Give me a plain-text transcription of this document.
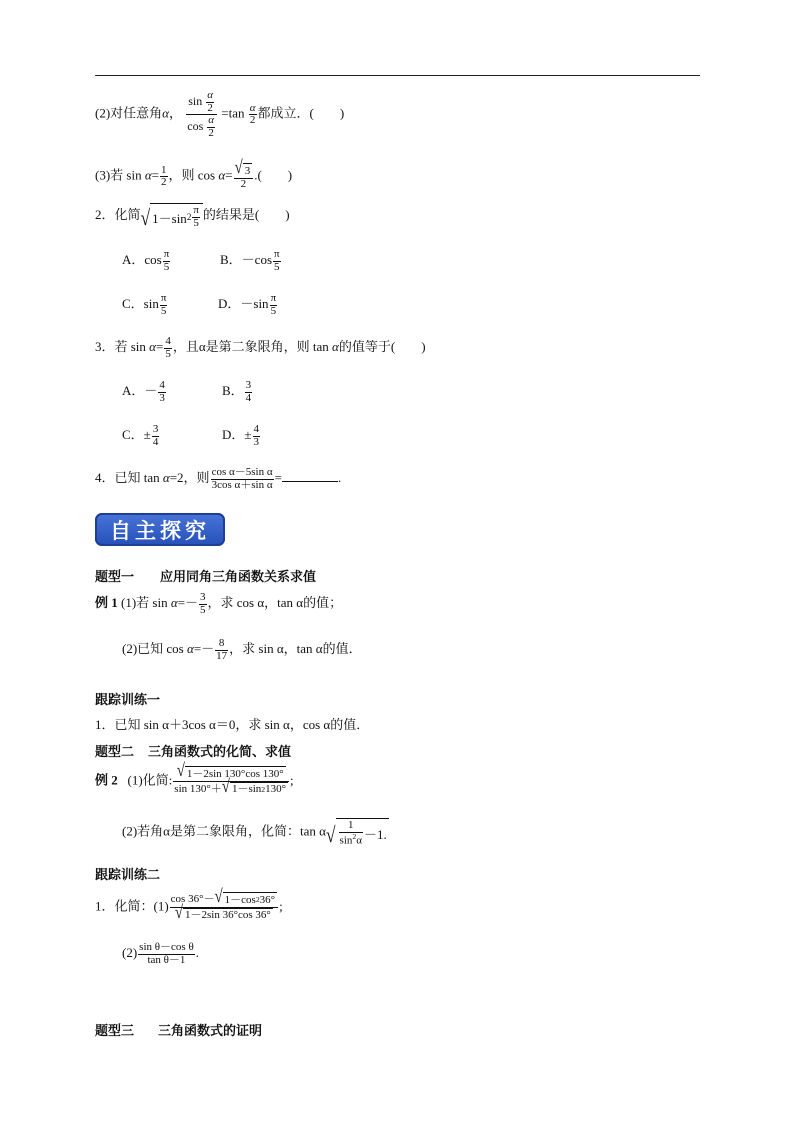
(2)对任意角α， $\frac{\sin \frac{\alpha}{2}}{\cos \frac{\alpha}{2}} =\tan \frac{\alpha}{2}$ 都成立．(　　)
(3)若 $\sin \alpha= \frac{1}{2}$ ，则 $\cos \alpha= \frac{√ 3}{2}$ .(　　)
2．化简 √ 1－sin $2 \frac{\pi}{5}$ 的结果是(　　)
A．$\cos \frac{\pi}{5}$	B．$-\cos \frac{\pi}{5}$
C．$\sin \frac{\pi}{5}$	D．$-\sin \frac{\pi}{5}$
3．若 $\sin \alpha= \frac{4}{5}$ ，且α是第二象限角，则 tan α的值等于(　　)
A．－ $\frac{4}{3}$	B． $\frac{3}{4}$
C．± $\frac{3}{4}$	D．± $\frac{4}{3}$
4．已知 tan α=2，则 $\frac{\text{cos α－5sin α}}{\text{3cos α＋sin α}}$ =	.
自主探究
题型一 应用同角三角函数关系求值
例 1 (1)若 $\sin \alpha=- \frac{3}{5}$ ，求 cos α，tan α的值；
(2)已知 $\cos \alpha=- \frac{8}{17}$ ，求 sin α，tan α的值．
跟踪训练一
1．已知 sin α＋3cos α＝0，求 sin α，cos α的值．
题型二 三角函数式的化简、求值
例 2 (1)化简: $\frac{√ 1-2\sin 130^\circ\cos 130^\circ}{\sin 130^\circ+ √ 1-\sin 2 130^\circ}$ ;
(2)若角α是第二象限角，化简：tan α √ $\frac{1}{\sin^2\alpha} -1$.
跟踪训练二
1．化简：$(1) \frac{\cos 36^\circ- √ 1-\cos 2 36^\circ}{√ 1-2\sin 36^\circ\cos 36^\circ}$ ;
$(2) \frac{\text{sin θ－cos θ}}{\text{tan θ－1}}$ .
题型三 三角函数式的证明
